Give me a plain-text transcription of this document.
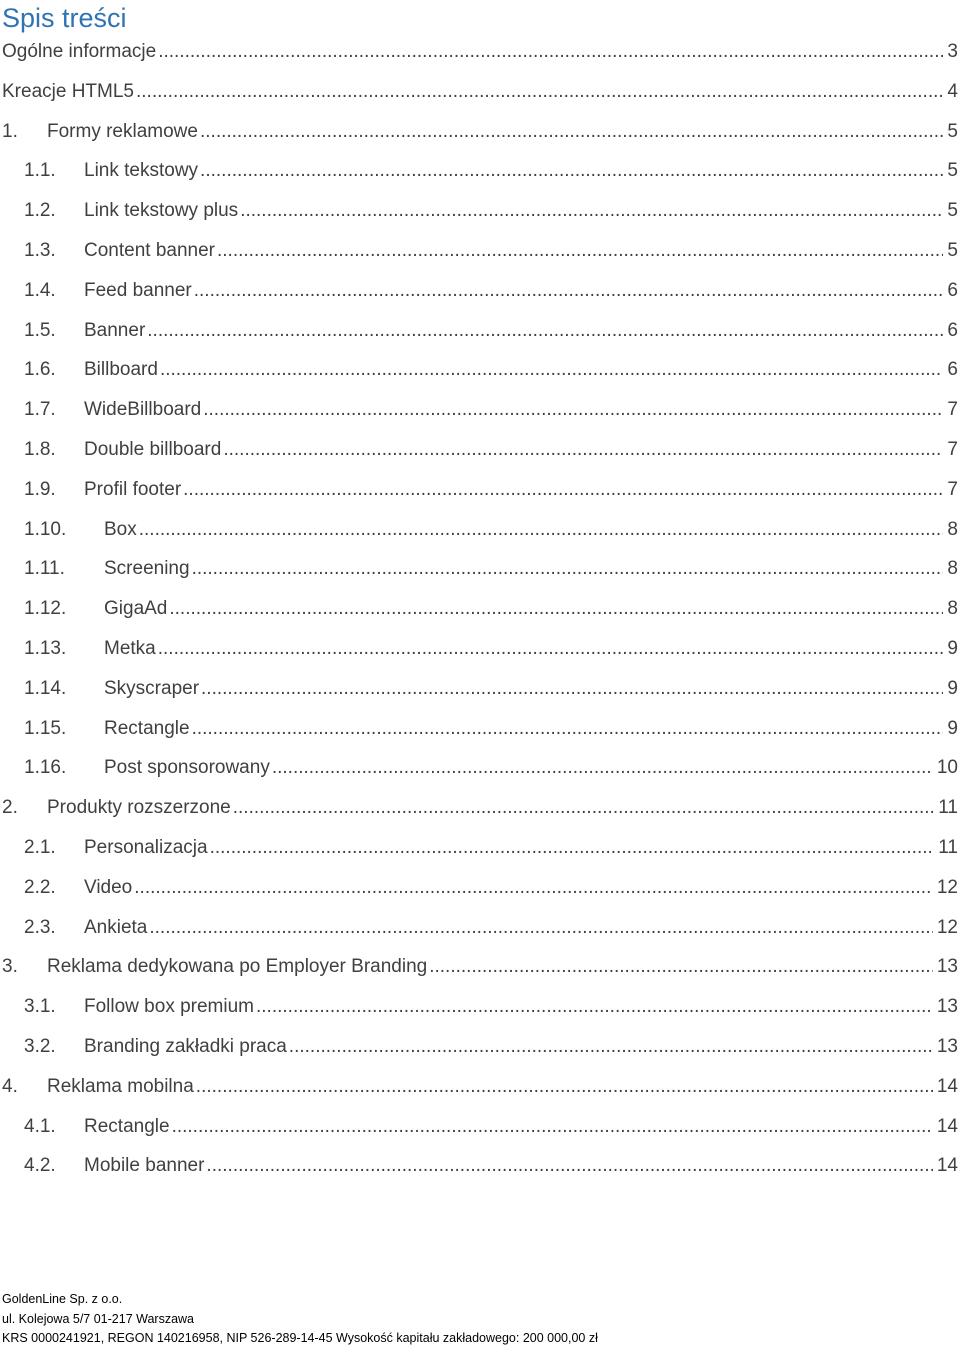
Spis treści
Ogólne informacje .....	3
Kreacje HTML5 .....	4
1.	Formy reklamowe .....	5
1.1.	Link tekstowy .....	5
1.2.	Link tekstowy plus .....	5
1.3.	Content banner .....	5
1.4.	Feed banner .....	6
1.5.	Banner .....	6
1.6.	Billboard .....	6
1.7.	WideBillboard .....	7
1.8.	Double billboard .....	7
1.9.	Profil footer .....	7
1.10.	Box .....	8
1.11.	Screening .....	8
1.12.	GigaAd .....	8
1.13.	Metka .....	9
1.14.	Skyscraper .....	9
1.15.	Rectangle .....	9
1.16.	Post sponsorowany .....	10
2.	Produkty rozszerzone .....	11
2.1.	Personalizacja .....	11
2.2.	Video .....	12
2.3.	Ankieta .....	12
3.	Reklama dedykowana po Employer Branding .....	13
3.1.	Follow box premium .....	13
3.2.	Branding zakładki praca .....	13
4.	Reklama mobilna .....	14
4.1.	Rectangle .....	14
4.2.	Mobile banner .....	14
GoldenLine Sp. z o.o.
ul. Kolejowa 5/7 01-217 Warszawa
KRS 0000241921, REGON 140216958, NIP 526-289-14-45 Wysokość kapitału zakładowego: 200 000,00 zł
